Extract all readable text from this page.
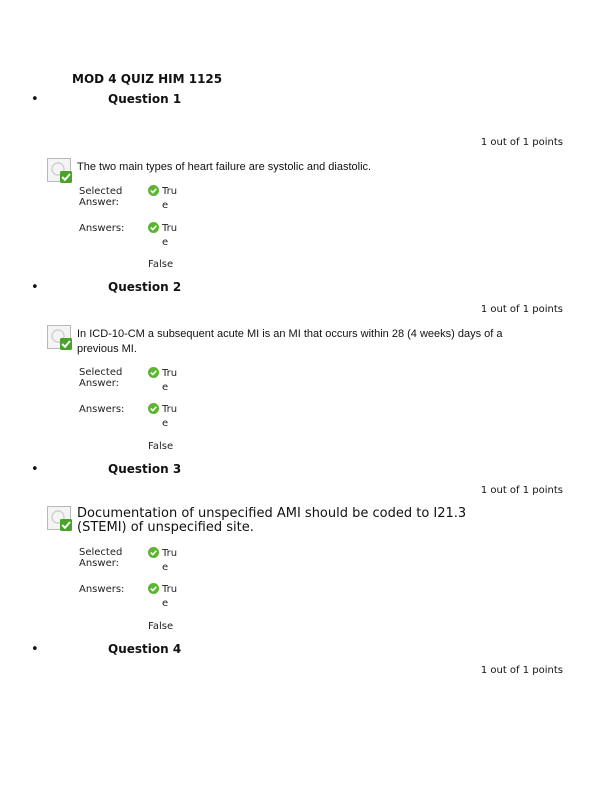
MOD 4 QUIZ HIM 1125
•	Question 1
1 out of 1 points
The two main types of heart failure are systolic and diastolic.
Selected Answer:
True
Answers:	True
False
•	Question 2
1 out of 1 points
In ICD-10-CM a subsequent acute MI is an MI that occurs within 28 (4 weeks) days of a previous MI.
Selected Answer:
True
Answers:	True
False
•	Question 3
1 out of 1 points
Documentation of unspecified AMI should be coded to I21.3 (STEMI) of unspecified site.
Selected Answer:
True
Answers:	True
False
•	Question 4
1 out of 1 points
